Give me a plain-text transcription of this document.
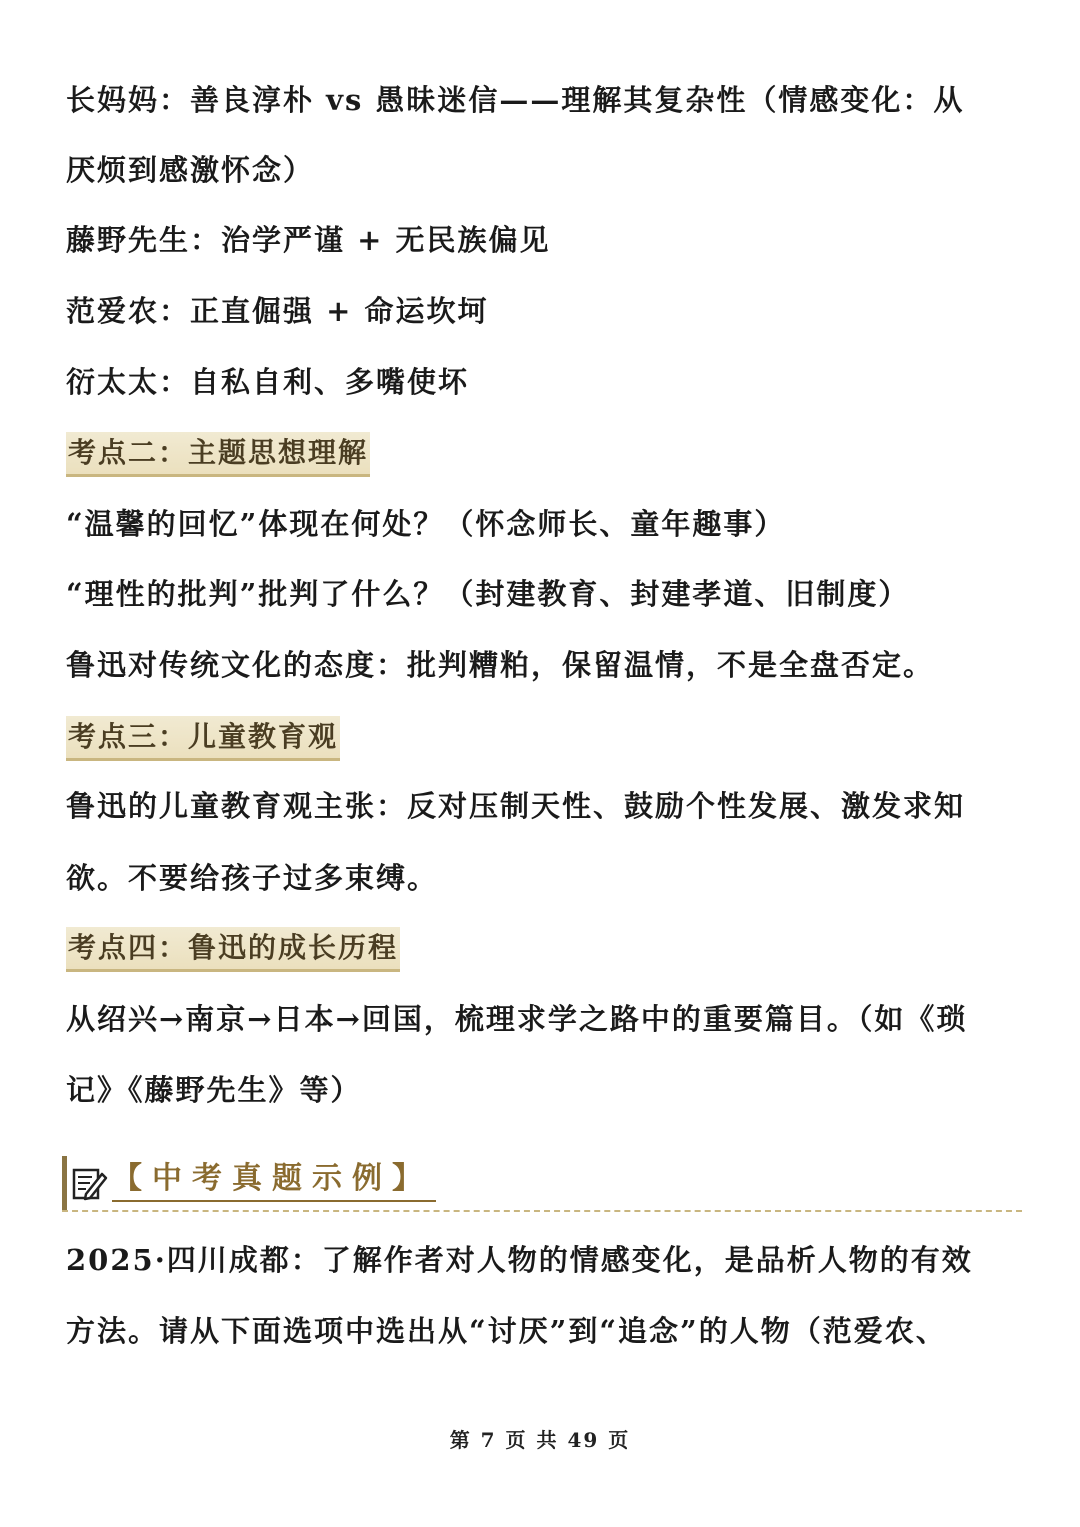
长妈妈：善良淳朴 vs 愚昧迷信——理解其复杂性（情感变化：从

厌烦到感激怀念）

藤野先生：治学严谨 + 无民族偏见

范爱农：正直倔强 + 命运坎坷

衍太太：自私自利、多嘴使坏

考点二：主题思想理解

“温馨的回忆”体现在何处？（怀念师长、童年趣事）

“理性的批判”批判了什么？（封建教育、封建孝道、旧制度）

鲁迅对传统文化的态度：批判糟粕，保留温情，不是全盘否定。

考点三：儿童教育观

鲁迅的儿童教育观主张：反对压制天性、鼓励个性发展、激发求知

欲。不要给孩子过多束缚。

考点四：鲁迅的成长历程

从绍兴→南京→日本→回国，梳理求学之路中的重要篇目。（如《琐

记》《藤野先生》等）

【中考真题示例】

2025·四川成都：了解作者对人物的情感变化，是品析人物的有效

方法。请从下面选项中选出从“讨厌”到“追念”的人物（范爱农、

第 7 页 共 49 页
